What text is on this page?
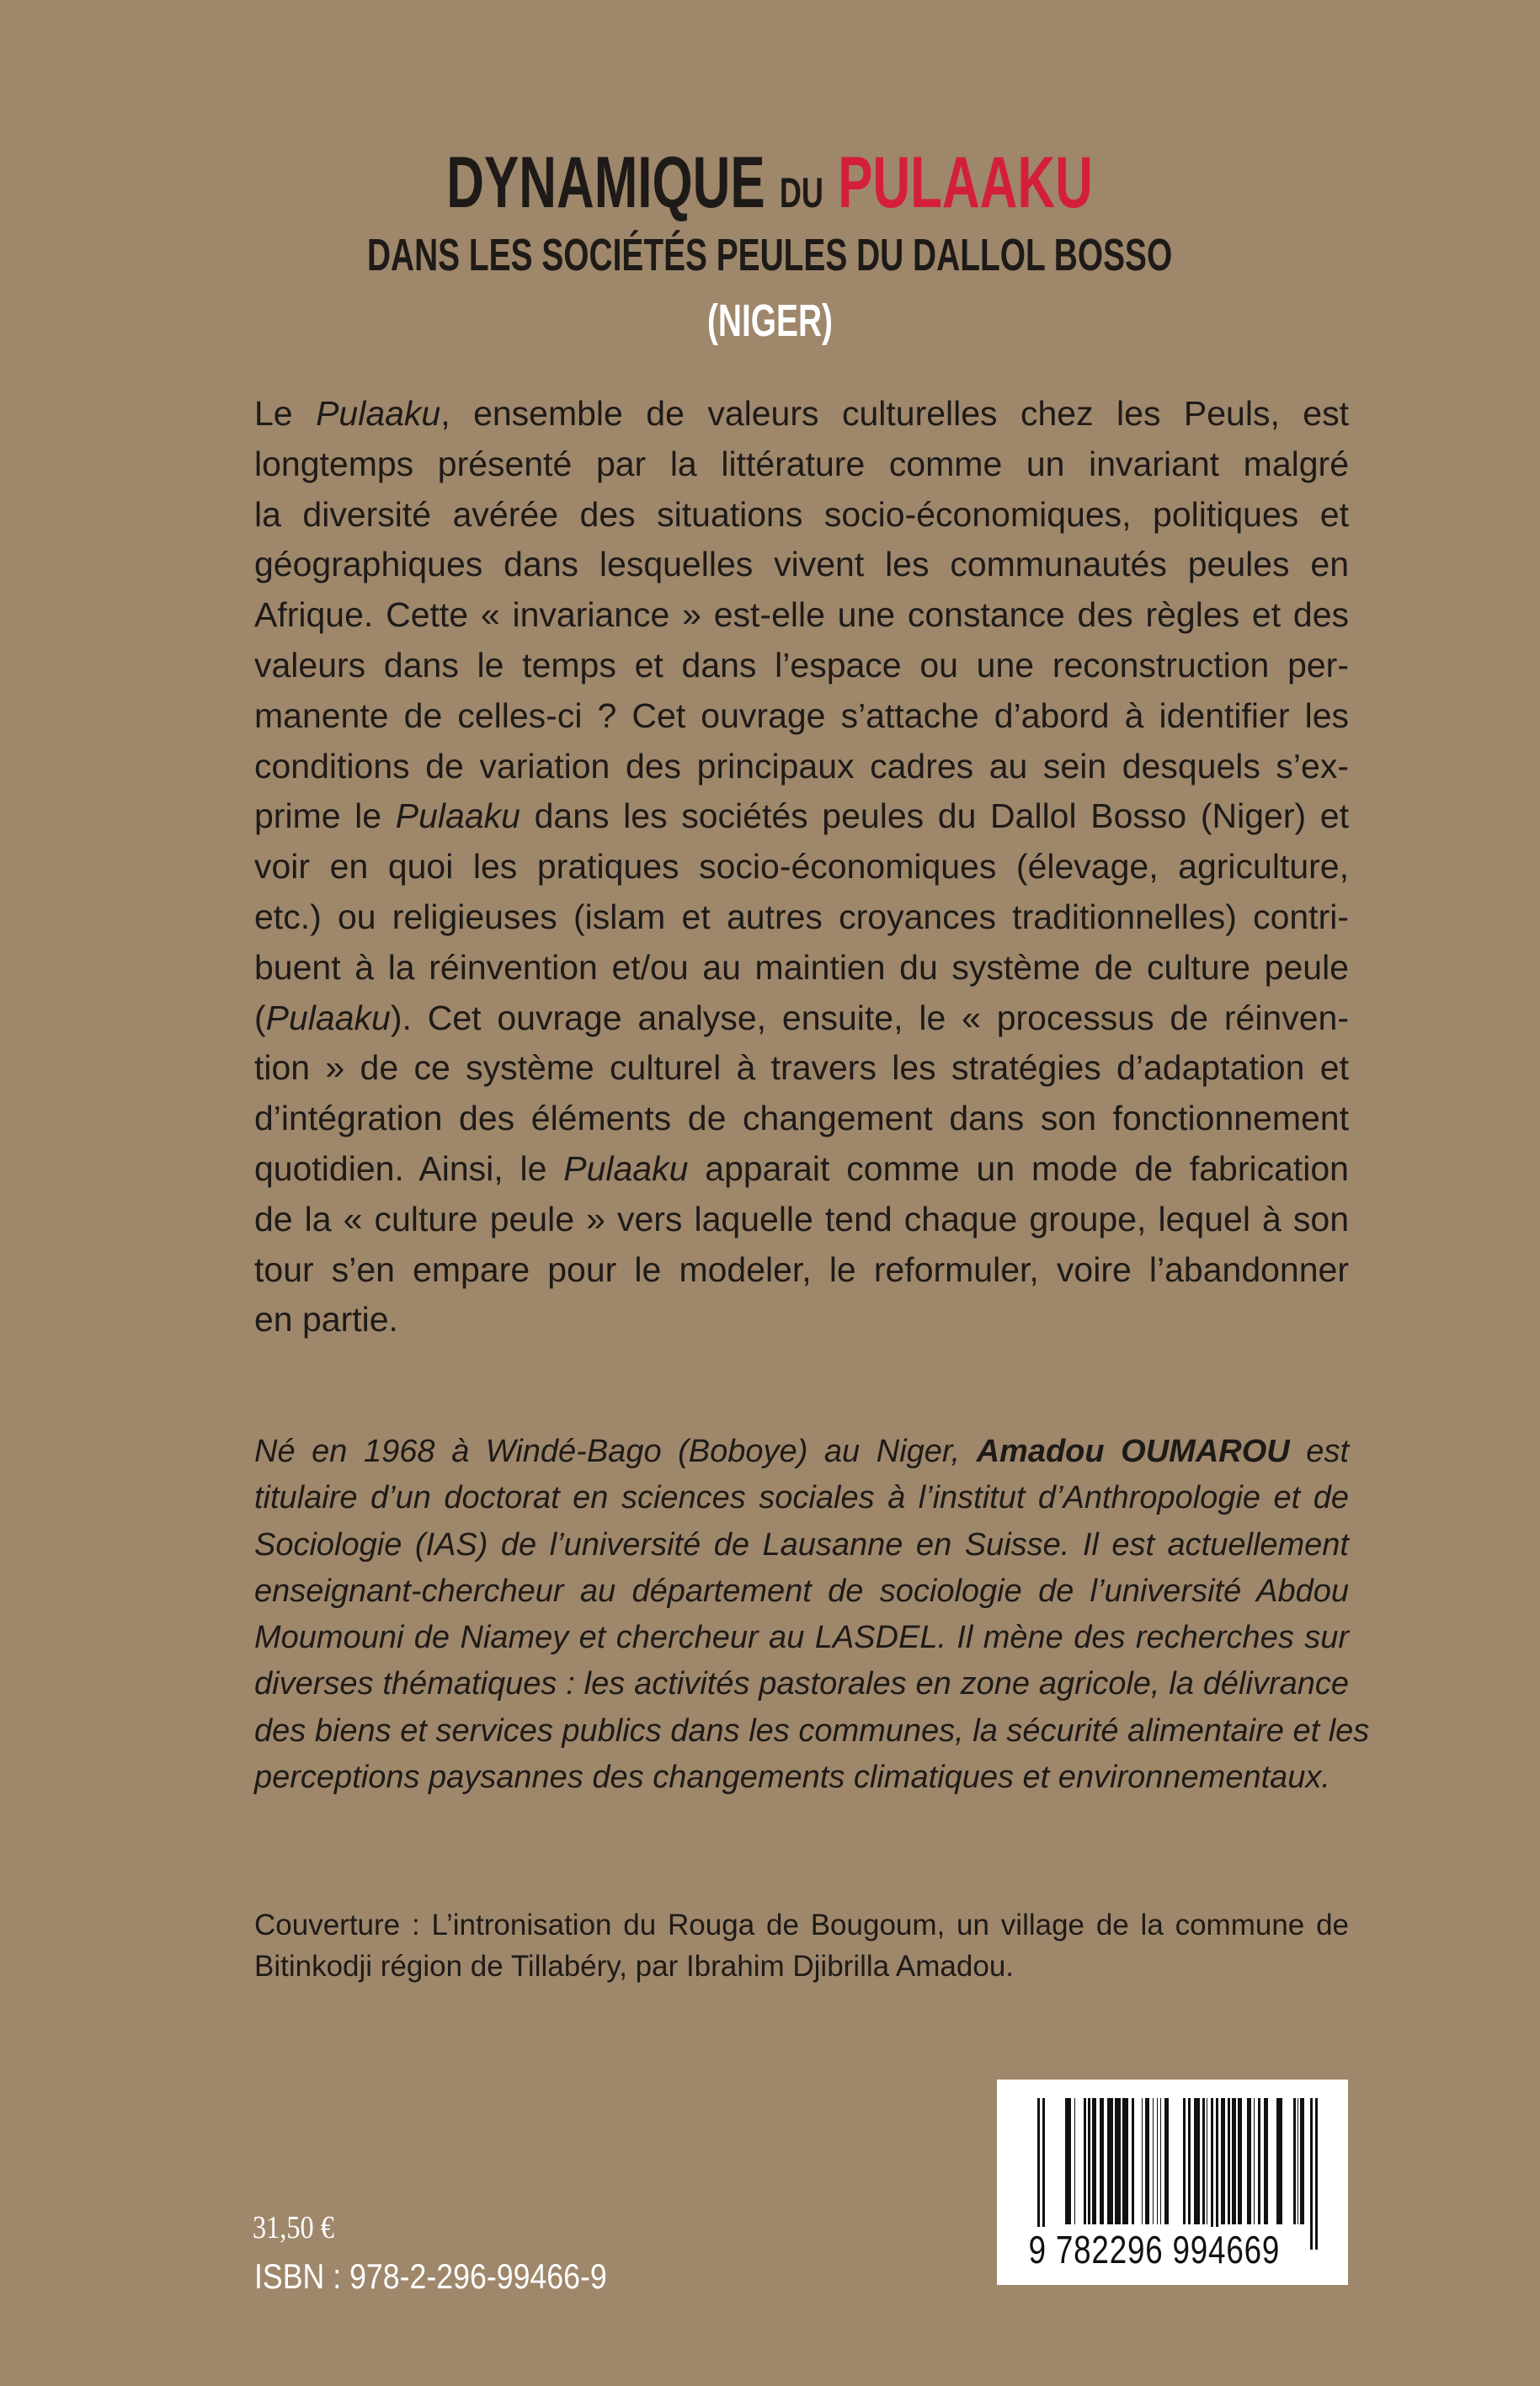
DYNAMIQUE DU PULAAKU
DANS LES SOCIÉTÉS PEULES DU DALLOL BOSSO
(NIGER)
Le Pulaaku, ensemble de valeurs culturelles chez les Peuls, est
longtemps présenté par la littérature comme un invariant malgré
la diversité avérée des situations socio-économiques, politiques et
géographiques dans lesquelles vivent les communautés peules en
Afrique. Cette « invariance » est-elle une constance des règles et des
valeurs dans le temps et dans l’espace ou une reconstruction per-
manente de celles-ci ? Cet ouvrage s’attache d’abord à identifier les
conditions de variation des principaux cadres au sein desquels s’ex-
prime le Pulaaku dans les sociétés peules du Dallol Bosso (Niger) et
voir en quoi les pratiques socio-économiques (élevage, agriculture,
etc.) ou religieuses (islam et autres croyances traditionnelles) contri-
buent à la réinvention et/ou au maintien du système de culture peule
(Pulaaku). Cet ouvrage analyse, ensuite, le « processus de réinven-
tion » de ce système culturel à travers les stratégies d’adaptation et
d’intégration des éléments de changement dans son fonctionnement
quotidien. Ainsi, le Pulaaku apparait comme un mode de fabrication
de la « culture peule » vers laquelle tend chaque groupe, lequel à son
tour s’en empare pour le modeler, le reformuler, voire l’abandonner
en partie.
Né en 1968 à Windé-Bago (Boboye) au Niger, Amadou OUMAROU est
titulaire d’un doctorat en sciences sociales à l’institut d’Anthropologie et de
Sociologie (IAS) de l’université de Lausanne en Suisse. Il est actuellement
enseignant-chercheur au département de sociologie de l’université Abdou
Moumouni de Niamey et chercheur au LASDEL. Il mène des recherches sur
diverses thématiques : les activités pastorales en zone agricole, la délivrance
des biens et services publics dans les communes, la sécurité alimentaire et les
perceptions paysannes des changements climatiques et environnementaux.
Couverture : L’intronisation du Rouga de Bougoum, un village de la commune de
Bitinkodji région de Tillabéry, par Ibrahim Djibrilla Amadou.
31,50 €
ISBN : 978-2-296-99466-9
9 782296 994669
